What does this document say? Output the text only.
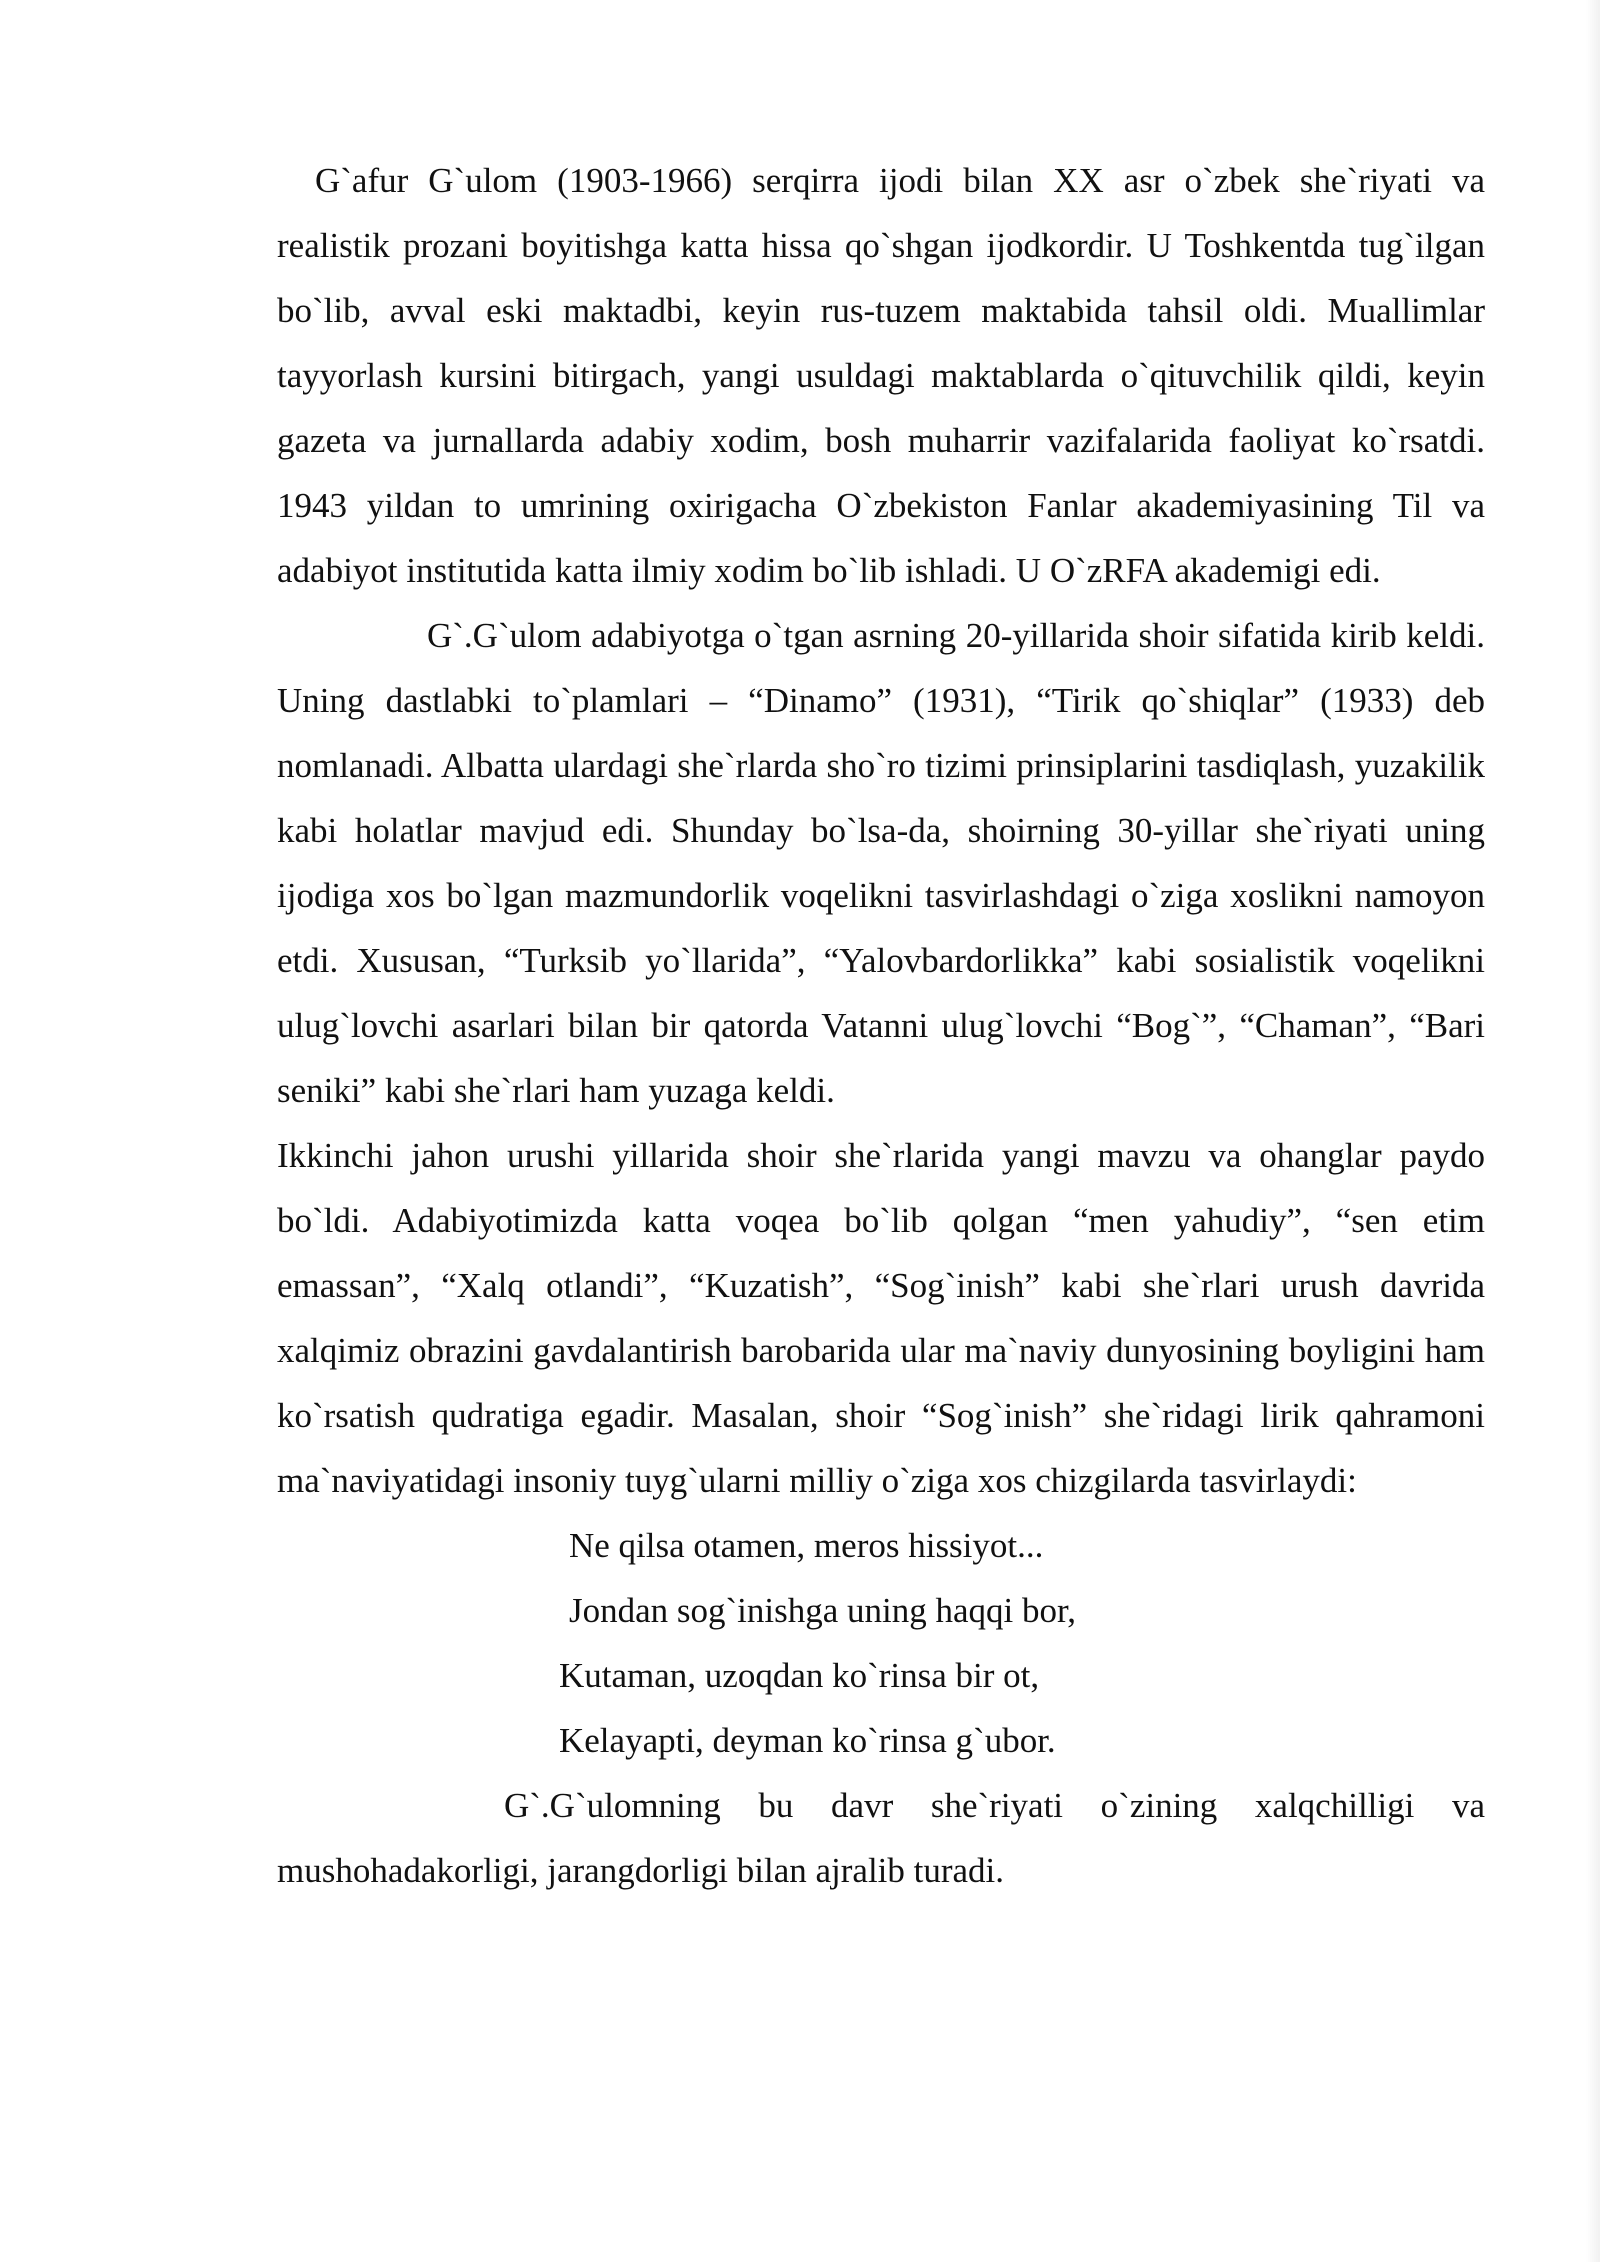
G`afur G`ulom (1903-1966) serqirra ijodi bilan XX asr o`zbek she`riyati va realistik prozani boyitishga katta hissa qo`shgan ijodkordir. U Toshkentda tug`ilgan bo`lib, avval eski maktadbi, keyin rus-tuzem maktabida tahsil oldi. Muallimlar tayyorlash kursini bitirgach, yangi usuldagi maktablarda o`qituvchilik qildi, keyin gazeta va jurnallarda adabiy xodim, bosh muharrir vazifalarida faoliyat ko`rsatdi. 1943 yildan to umrining oxirigacha O`zbekiston Fanlar akademiyasining Til va adabiyot institutida katta ilmiy xodim bo`lib ishladi. U O`zRFA akademigi edi.

G`.G`ulom adabiyotga o`tgan asrning 20-yillarida shoir sifatida kirib keldi. Uning dastlabki to`plamlari – “Dinamo” (1931), “Tirik qo`shiqlar” (1933) deb nomlanadi. Albatta ulardagi she`rlarda sho`ro tizimi prinsiplarini tasdiqlash, yuzakilik kabi holatlar mavjud edi. Shunday bo`lsa-da, shoirning 30-yillar she`riyati uning ijodiga xos bo`lgan mazmundorlik voqelikni tasvirlashdagi o`ziga xoslikni namoyon etdi. Xususan, “Turksib yo`llarida”, “Yalovbardorlikka” kabi sosialistik voqelikni ulug`lovchi asarlari bilan bir qatorda Vatanni ulug`lovchi “Bog`”, “Chaman”, “Bari seniki” kabi she`rlari ham yuzaga keldi.

Ikkinchi jahon urushi yillarida shoir she`rlarida yangi mavzu va ohanglar paydo bo`ldi. Adabiyotimizda katta voqea bo`lib qolgan “men yahudiy”, “sen etim emassan”, “Xalq otlandi”, “Kuzatish”, “Sog`inish” kabi she`rlari urush davrida xalqimiz obrazini gavdalantirish barobarida ular ma`naviy dunyosining boyligini ham ko`rsatish qudratiga egadir. Masalan, shoir “Sog`inish” she`ridagi lirik qahramoni ma`naviyatidagi insoniy tuyg`ularni milliy o`ziga xos chizgilarda tasvirlaydi:

Ne qilsa otamen, meros hissiyot...
Jondan sog`inishga uning haqqi bor,
Kutaman, uzoqdan ko`rinsa bir ot,
Kelayapti, deyman ko`rinsa g`ubor.

G`.G`ulomning bu davr she`riyati o`zining xalqchilligi va mushohadakorligi, jarangdorligi bilan ajralib turadi.
